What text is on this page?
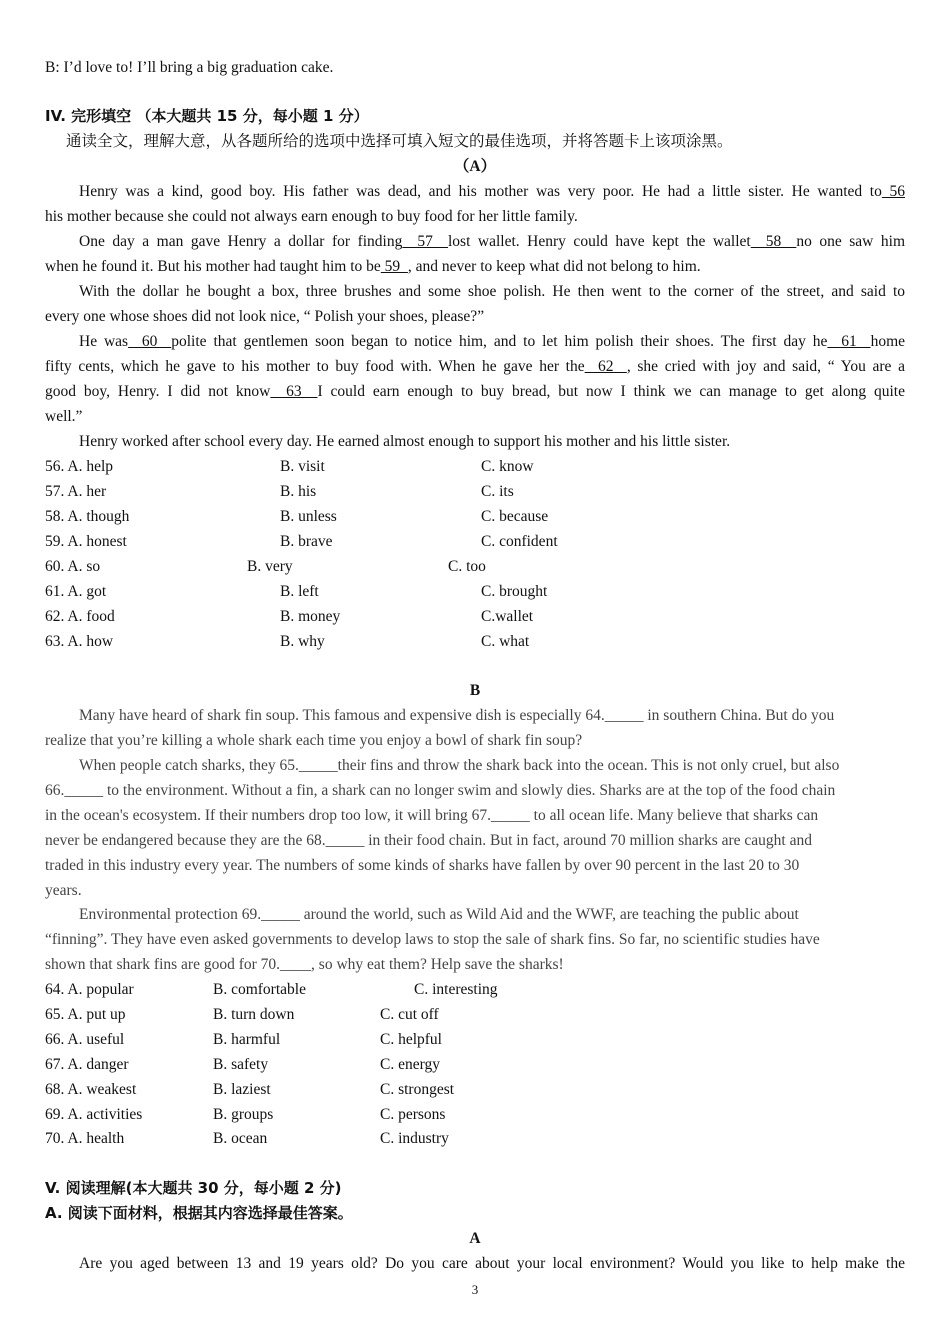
B: I’d love to! I’ll bring a big graduation cake.
IV. 完形填空 （本大题共 15 分，每小题 1 分）
通读全文，理解大意，从各题所给的选项中选择可填入短文的最佳选项，并将答题卡上该项涂黑。
（A）
Henry was a kind, good boy. His father was dead, and his mother was very poor. He had a little sister. He wanted to 56
his mother because she could not always earn enough to buy food for her little family.
One day a man gave Henry a dollar for finding  57  lost wallet. Henry could have kept the wallet  58  no one saw him
when he found it. But his mother had taught him to be 59  , and never to keep what did not belong to him.
With the dollar he bought a box, three brushes and some shoe polish. He then went to the corner of the street, and said to
every one whose shoes did not look nice, “ Polish your shoes, please?”
He was  60  polite that gentlemen soon began to notice him, and to let him polish their shoes. The first day he  61  home
fifty cents, which he gave to his mother to buy food with. When he gave her the  62  , she cried with joy and said, “ You are a
good boy, Henry. I did not know  63  I could earn enough to buy bread, but now I think we can manage to get along quite
well.”
Henry worked after school every day. He earned almost enough to support his mother and his little sister.
56. A. help	B. visit	C. know
57. A. her	B. his	C. its
58. A. though	B. unless	C. because
59. A. honest	B. brave	C. confident
60. A. so	B. very	C. too
61. A. got	B. left	C. brought
62. A. food	B. money	C.wallet
63. A. how	B. why	C. what
B
Many have heard of shark fin soup. This famous and expensive dish is especially 64._____ in southern China. But do you
realize that you’re killing a whole shark each time you enjoy a bowl of shark fin soup?
When people catch sharks, they 65._____their fins and throw the shark back into the ocean. This is not only cruel, but also
66._____ to the environment. Without a fin, a shark can no longer swim and slowly dies. Sharks are at the top of the food chain
in the ocean's ecosystem. If their numbers drop too low, it will bring 67._____ to all ocean life. Many believe that sharks can
never be endangered because they are the 68._____ in their food chain. But in fact, around 70 million sharks are caught and
traded in this industry every year. The numbers of some kinds of sharks have fallen by over 90 percent in the last 20 to 30
years.
Environmental protection 69._____ around the world, such as Wild Aid and the WWF, are teaching the public about
“finning”. They have even asked governments to develop laws to stop the sale of shark fins. So far, no scientific studies have
shown that shark fins are good for 70.____, so why eat them? Help save the sharks!
64. A. popular	B. comfortable	C. interesting
65. A. put up	B. turn down	C. cut off
66. A. useful	B. harmful	C. helpful
67. A. danger	B. safety	C. energy
68. A. weakest	B. laziest	C. strongest
69. A. activities	B. groups	C. persons
70. A. health	B. ocean	C. industry
V. 阅读理解(本大题共 30 分，每小题 2 分)
A. 阅读下面材料，根据其内容选择最佳答案。
A
Are you aged between 13 and 19 years old? Do you care about your local environment? Would you like to help make the
3
